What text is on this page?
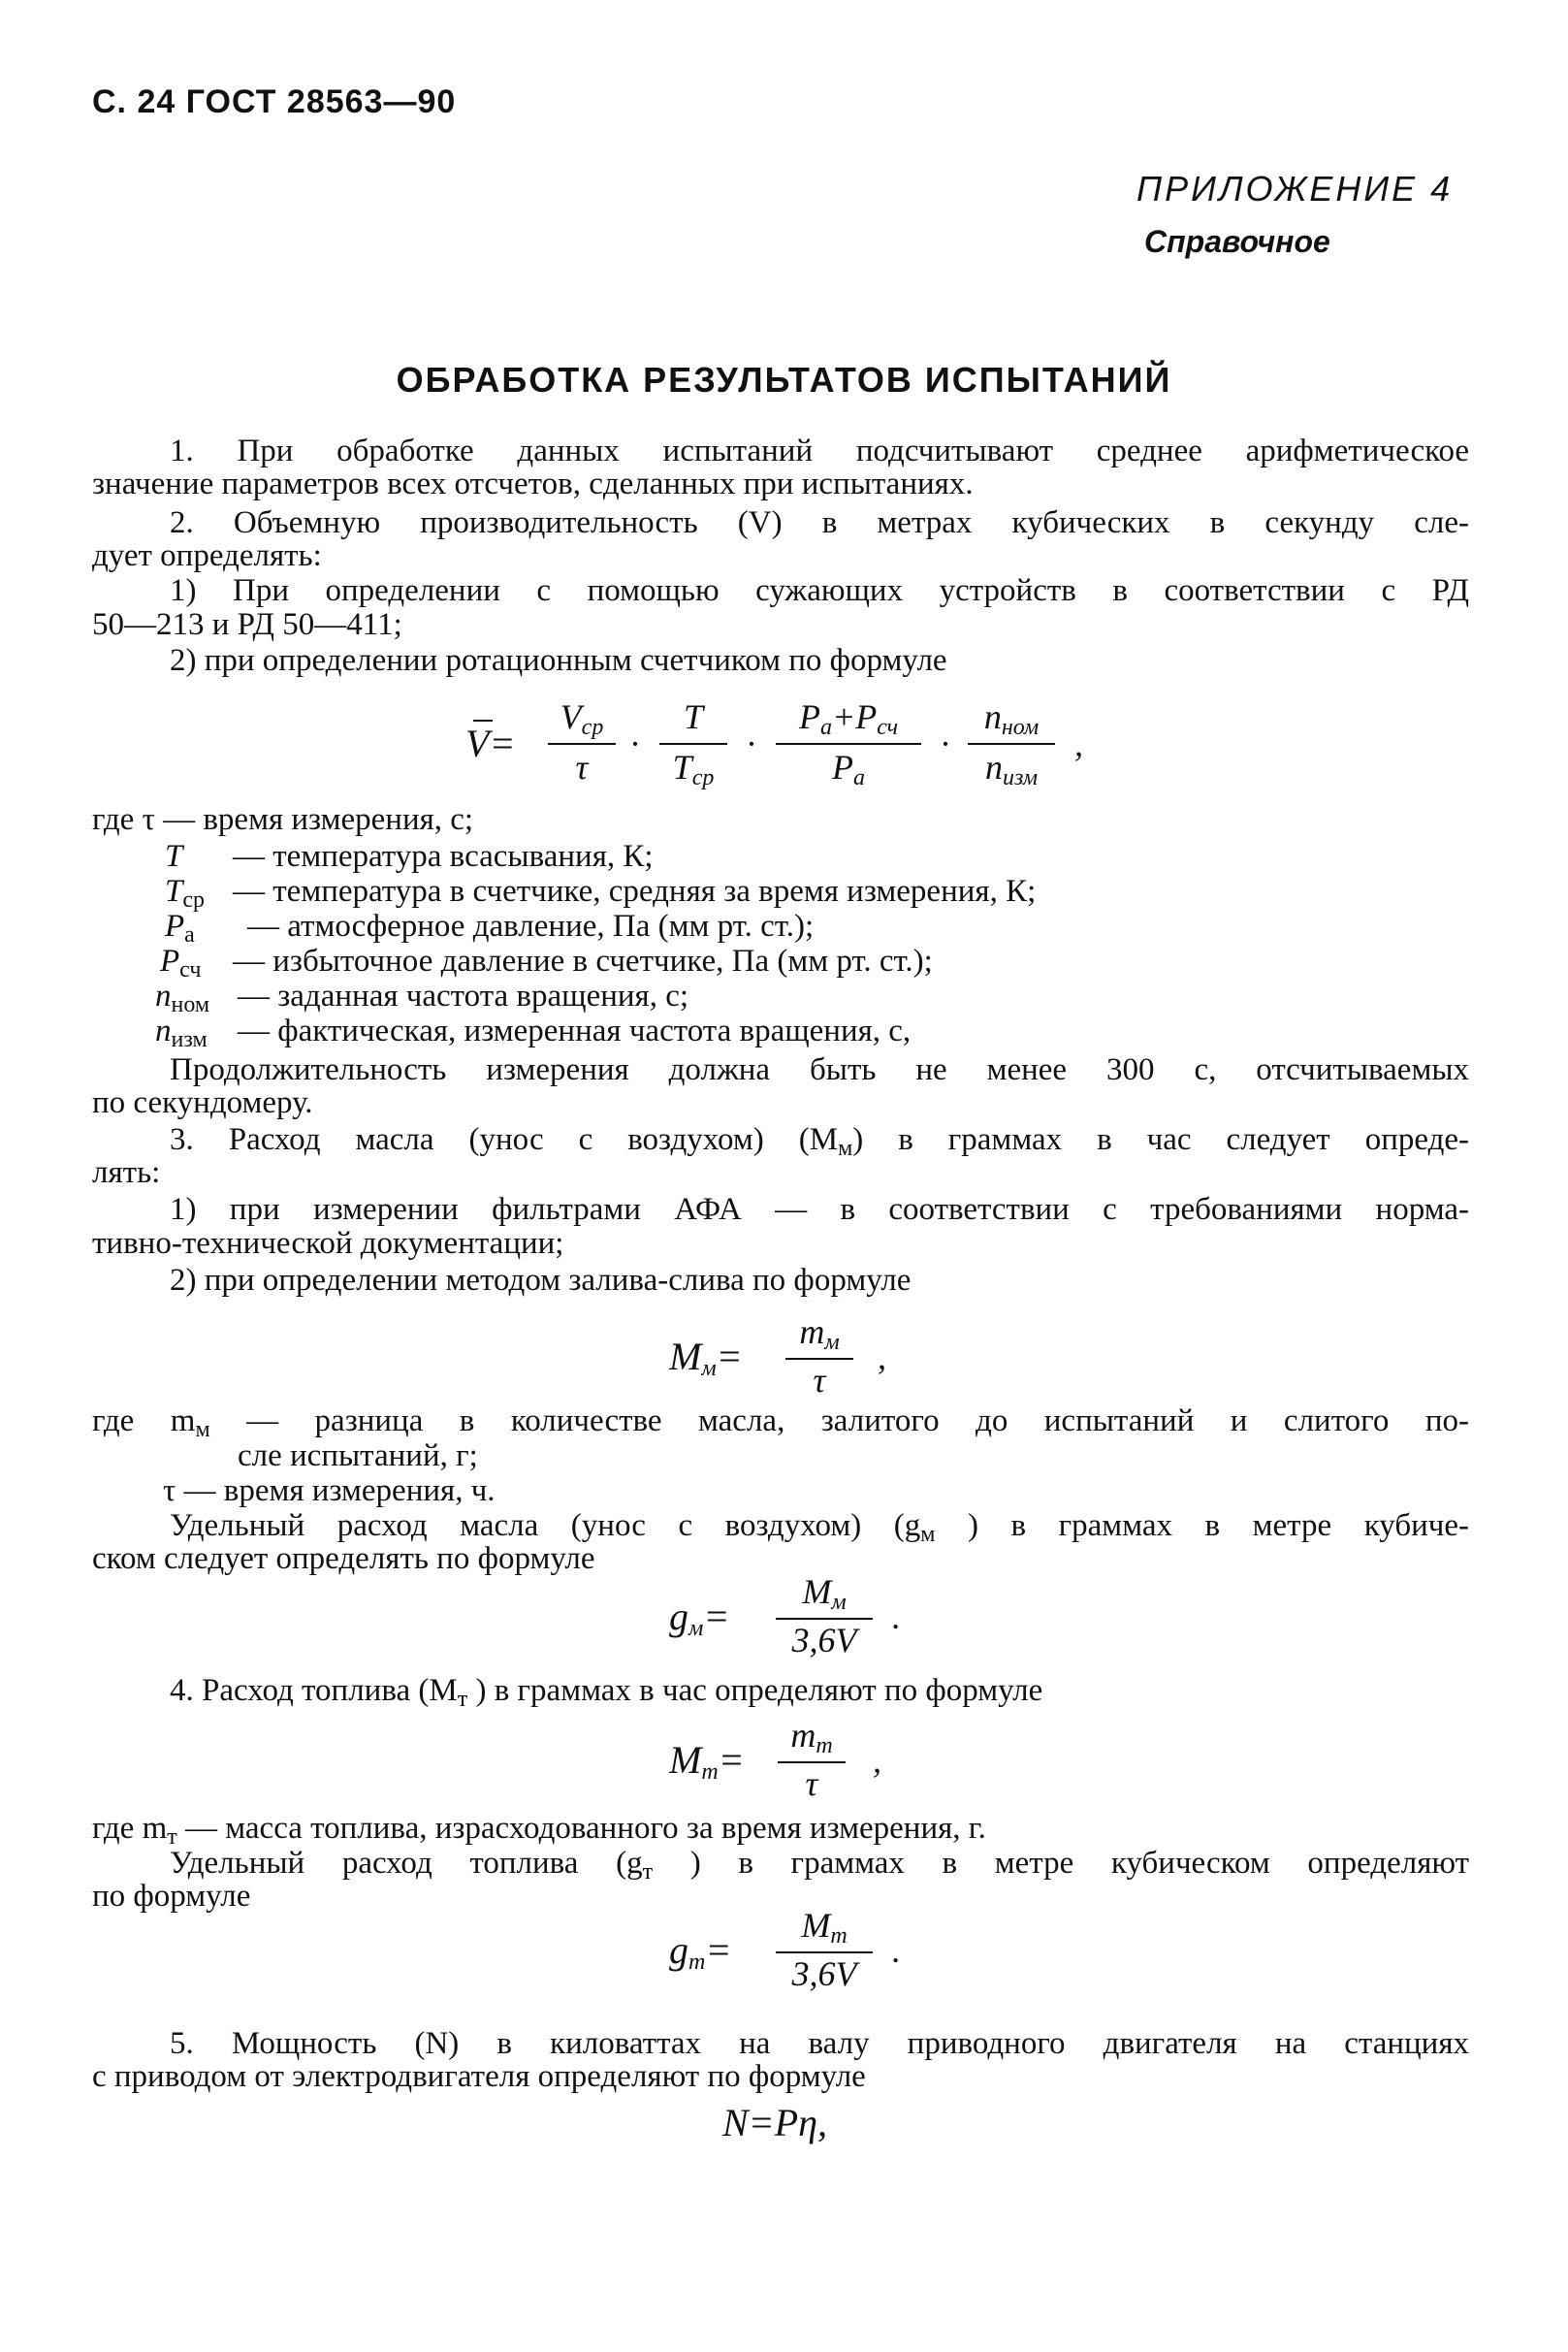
С. 24 ГОСТ 28563—90
ПРИЛОЖЕНИЕ 4
Справочное
ОБРАБОТКА РЕЗУЛЬТАТОВ ИСПЫТАНИЙ
1. При обработке данных испытаний подсчитывают среднее арифметическое
значение параметров всех отсчетов, сделанных при испытаниях.
2. Объемную производительность (V) в метрах кубических в секунду сле-
дует определять:
1) При определении с помощью сужающих устройств в соответствии с РД
50—213 и РД 50—411;
2) при определении ротационным счетчиком по формуле
V=
$V_{ср}$
τ
·
T
$T_{ср}$
·
$P_а+P_{сч}$
$P_а$
·
$n_{ном}$
$n_{изм}$
,
где τ — время измерения, с;
T — температура всасывания, К;
$T_{ср}$ — температура в счетчике, средняя за время измерения, К;
$P_а$ — атмосферное давление, Па (мм рт. ст.);
$P_{сч}$ — избыточное давление в счетчике, Па (мм рт. ст.);
$n_{ном}$ — заданная частота вращения, с;
$n_{изм}$ — фактическая, измеренная частота вращения, с,
Продолжительность измерения должна быть не менее 300 с, отсчитываемых
по секундомеру.
3. Расход масла (унос с воздухом) $(M_м)$ в граммах в час следует опреде-
лять:
1) при измерении фильтрами АФА — в соответствии с требованиями норма-
тивно-технической документации;
2) при определении методом залива-слива по формуле
$M_м=$
$m_м$
τ
,
где $m_м$ — разница в количестве масла, залитого до испытаний и слитого по-
сле испытаний, г;
τ — время измерения, ч.
Удельный расход масла (унос с воздухом) ($g_м$ ) в граммах в метре кубиче-
ском следует определять по формуле
$g_м=$
$M_м$
3,6V
.
4. Расход топлива ($M_т$ ) в граммах в час определяют по формуле
$M_т=$
$m_т$
τ
,
где $m_т$ — масса топлива, израсходованного за время измерения, г.
Удельный расход топлива ($g_т$ ) в граммах в метре кубическом определяют
по формуле
$g_т=$
$M_т$
3,6V
.
5. Мощность (N) в киловаттах на валу приводного двигателя на станциях
с приводом от электродвигателя определяют по формуле
N=Pη,
